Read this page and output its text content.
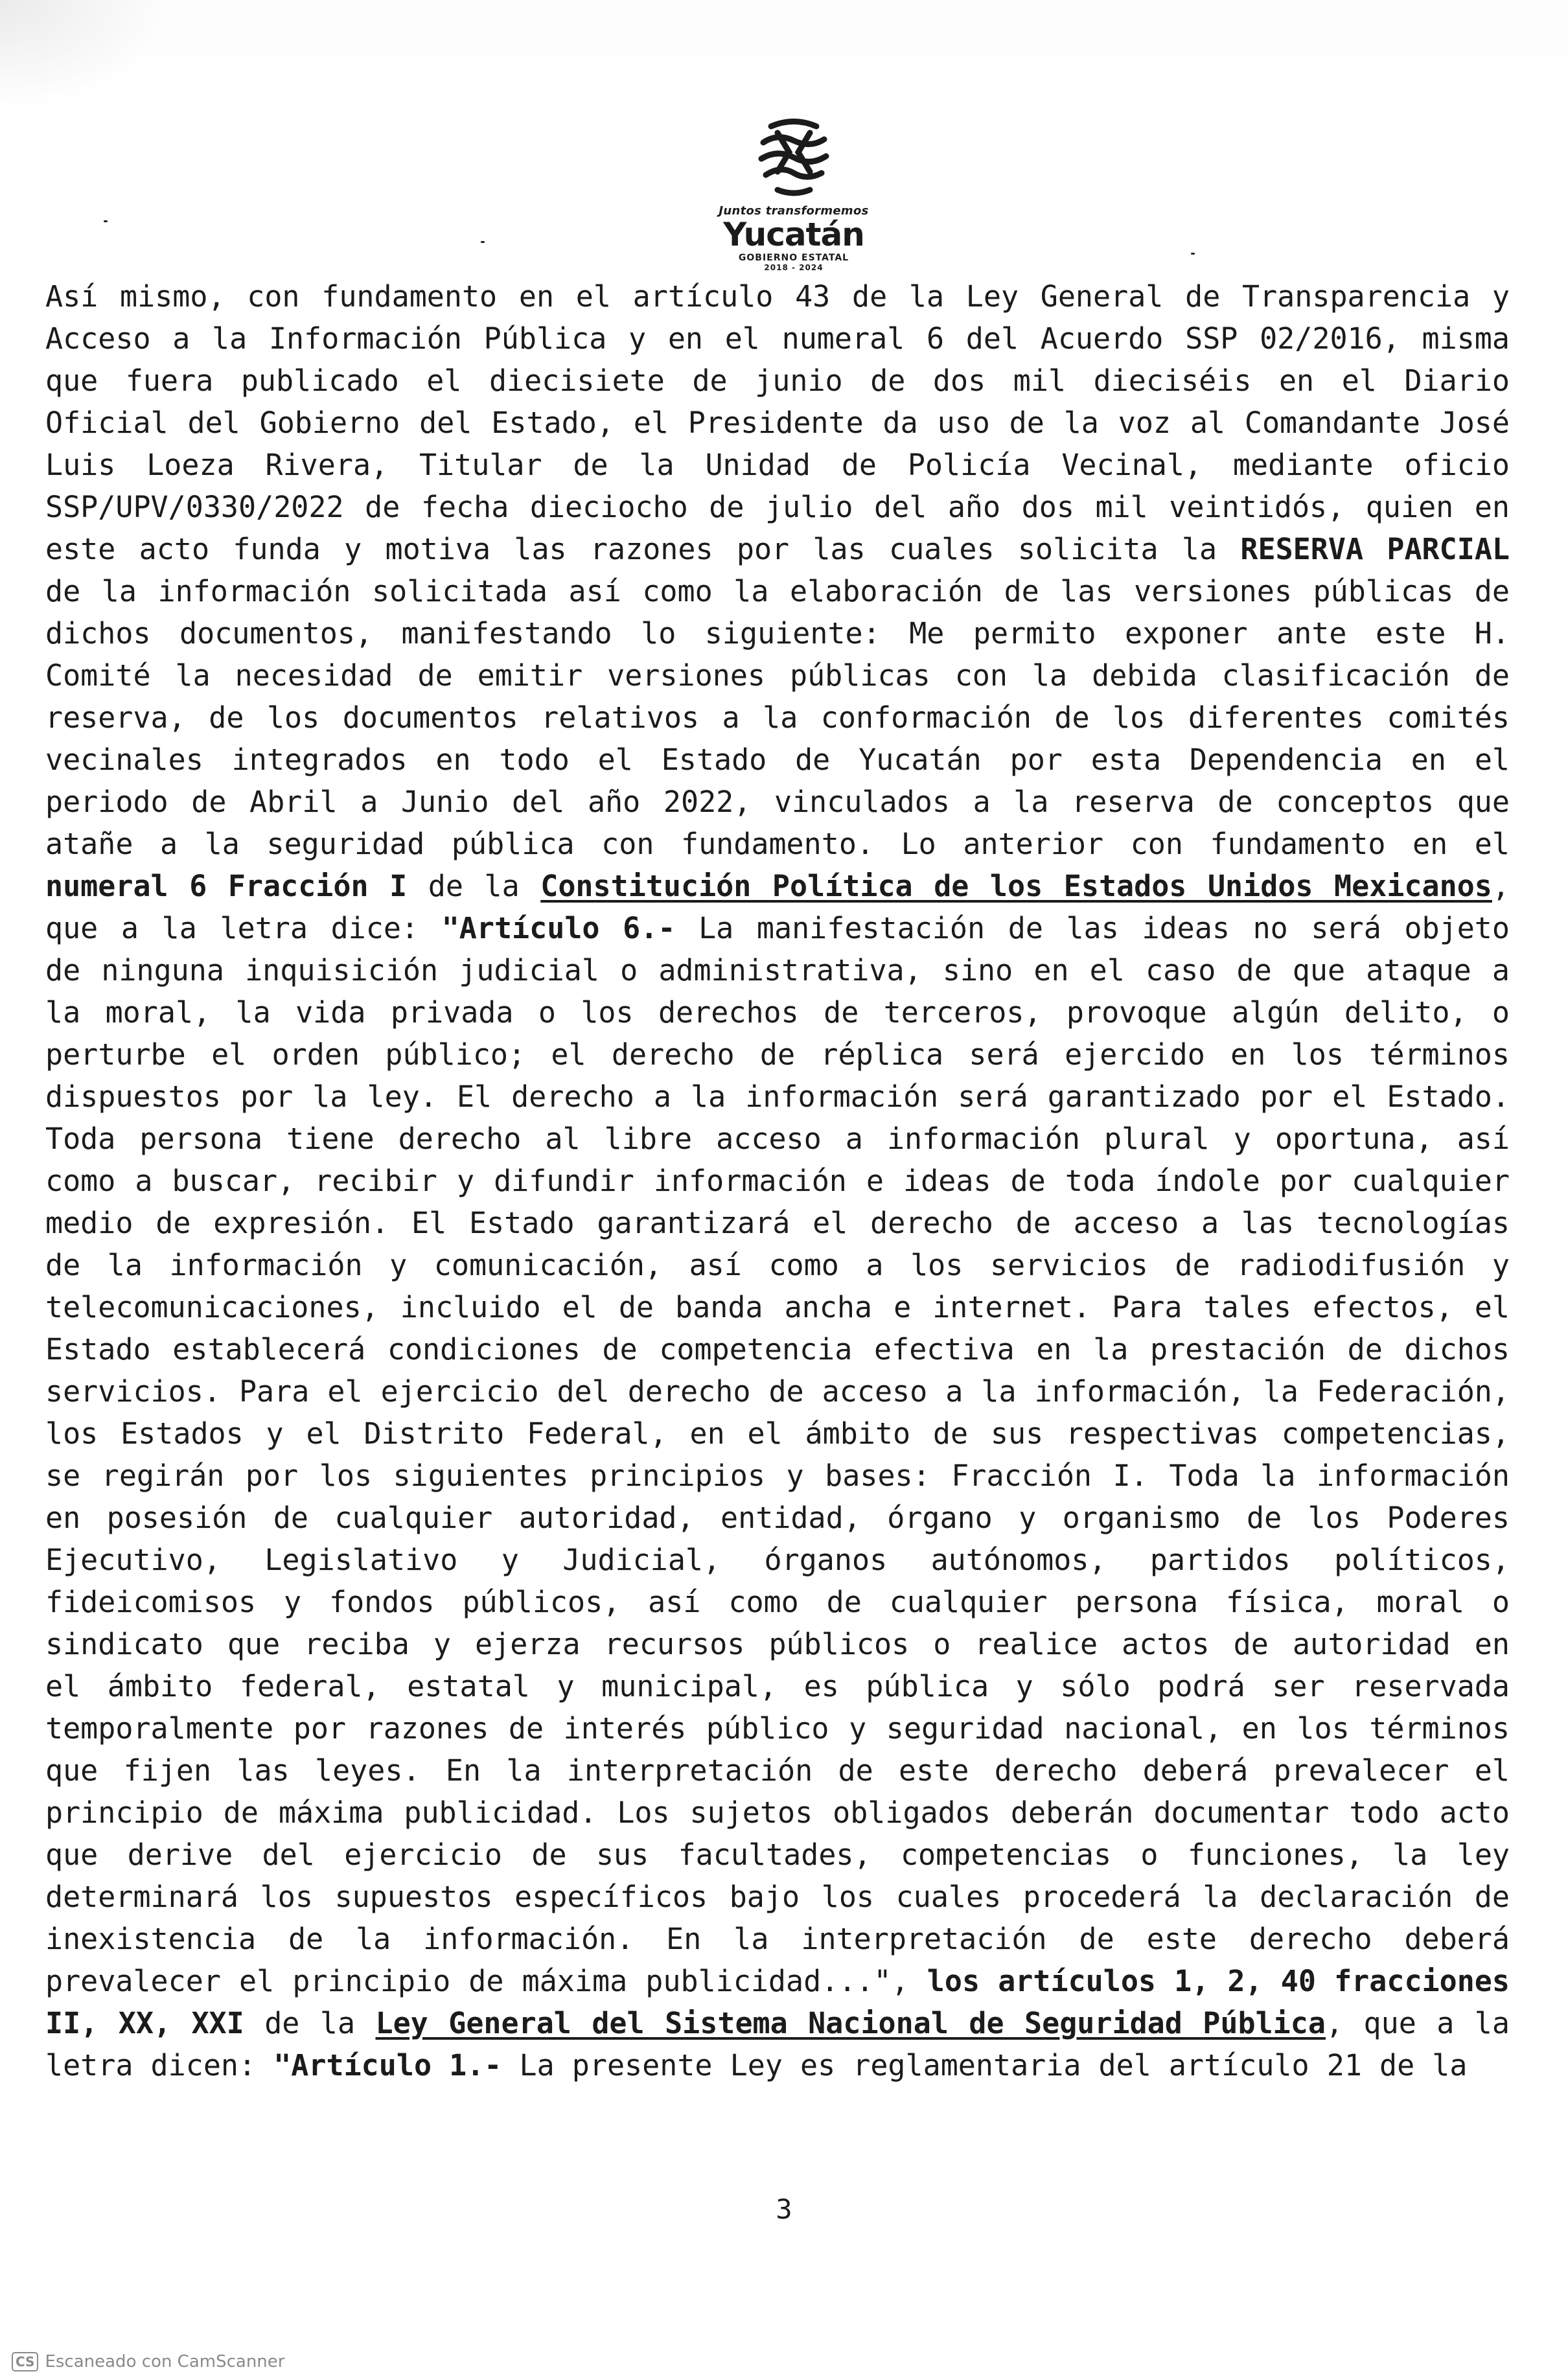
Juntos transformemos
Yucatán
GOBIERNO ESTATAL
2018 - 2024
Así mismo, con fundamento en el artículo 43 de la Ley General de Transparencia y
Acceso a la Información Pública y en el numeral 6 del Acuerdo SSP 02/2016, misma
que fuera publicado el diecisiete de junio de dos mil dieciséis en el Diario
Oficial del Gobierno del Estado, el Presidente da uso de la voz al Comandante José
Luis Loeza Rivera, Titular de la Unidad de Policía Vecinal, mediante oficio
SSP/UPV/0330/2022 de fecha dieciocho de julio del año dos mil veintidós, quien en
este acto funda y motiva las razones por las cuales solicita la RESERVA PARCIAL
de la información solicitada así como la elaboración de las versiones públicas de
dichos documentos, manifestando lo siguiente: Me permito exponer ante este H.
Comité la necesidad de emitir versiones públicas con la debida clasificación de
reserva, de los documentos relativos a la conformación de los diferentes comités
vecinales integrados en todo el Estado de Yucatán por esta Dependencia en el
periodo de Abril a Junio del año 2022, vinculados a la reserva de conceptos que
atañe a la seguridad pública con fundamento. Lo anterior con fundamento en el
numeral 6 Fracción I de la Constitución Política de los Estados Unidos Mexicanos,
que a la letra dice: "Artículo 6.- La manifestación de las ideas no será objeto
de ninguna inquisición judicial o administrativa, sino en el caso de que ataque a
la moral, la vida privada o los derechos de terceros, provoque algún delito, o
perturbe el orden público; el derecho de réplica será ejercido en los términos
dispuestos por la ley. El derecho a la información será garantizado por el Estado.
Toda persona tiene derecho al libre acceso a información plural y oportuna, así
como a buscar, recibir y difundir información e ideas de toda índole por cualquier
medio de expresión. El Estado garantizará el derecho de acceso a las tecnologías
de la información y comunicación, así como a los servicios de radiodifusión y
telecomunicaciones, incluido el de banda ancha e internet. Para tales efectos, el
Estado establecerá condiciones de competencia efectiva en la prestación de dichos
servicios. Para el ejercicio del derecho de acceso a la información, la Federación,
los Estados y el Distrito Federal, en el ámbito de sus respectivas competencias,
se regirán por los siguientes principios y bases: Fracción I. Toda la información
en posesión de cualquier autoridad, entidad, órgano y organismo de los Poderes
Ejecutivo, Legislativo y Judicial, órganos autónomos, partidos políticos,
fideicomisos y fondos públicos, así como de cualquier persona física, moral o
sindicato que reciba y ejerza recursos públicos o realice actos de autoridad en
el ámbito federal, estatal y municipal, es pública y sólo podrá ser reservada
temporalmente por razones de interés público y seguridad nacional, en los términos
que fijen las leyes. En la interpretación de este derecho deberá prevalecer el
principio de máxima publicidad. Los sujetos obligados deberán documentar todo acto
que derive del ejercicio de sus facultades, competencias o funciones, la ley
determinará los supuestos específicos bajo los cuales procederá la declaración de
inexistencia de la información. En la interpretación de este derecho deberá
prevalecer el principio de máxima publicidad...", los artículos 1, 2, 40 fracciones
II, XX, XXI de la Ley General del Sistema Nacional de Seguridad Pública, que a la
letra dicen: "Artículo 1.- La presente Ley es reglamentaria del artículo 21 de la
3
CS Escaneado con CamScanner
